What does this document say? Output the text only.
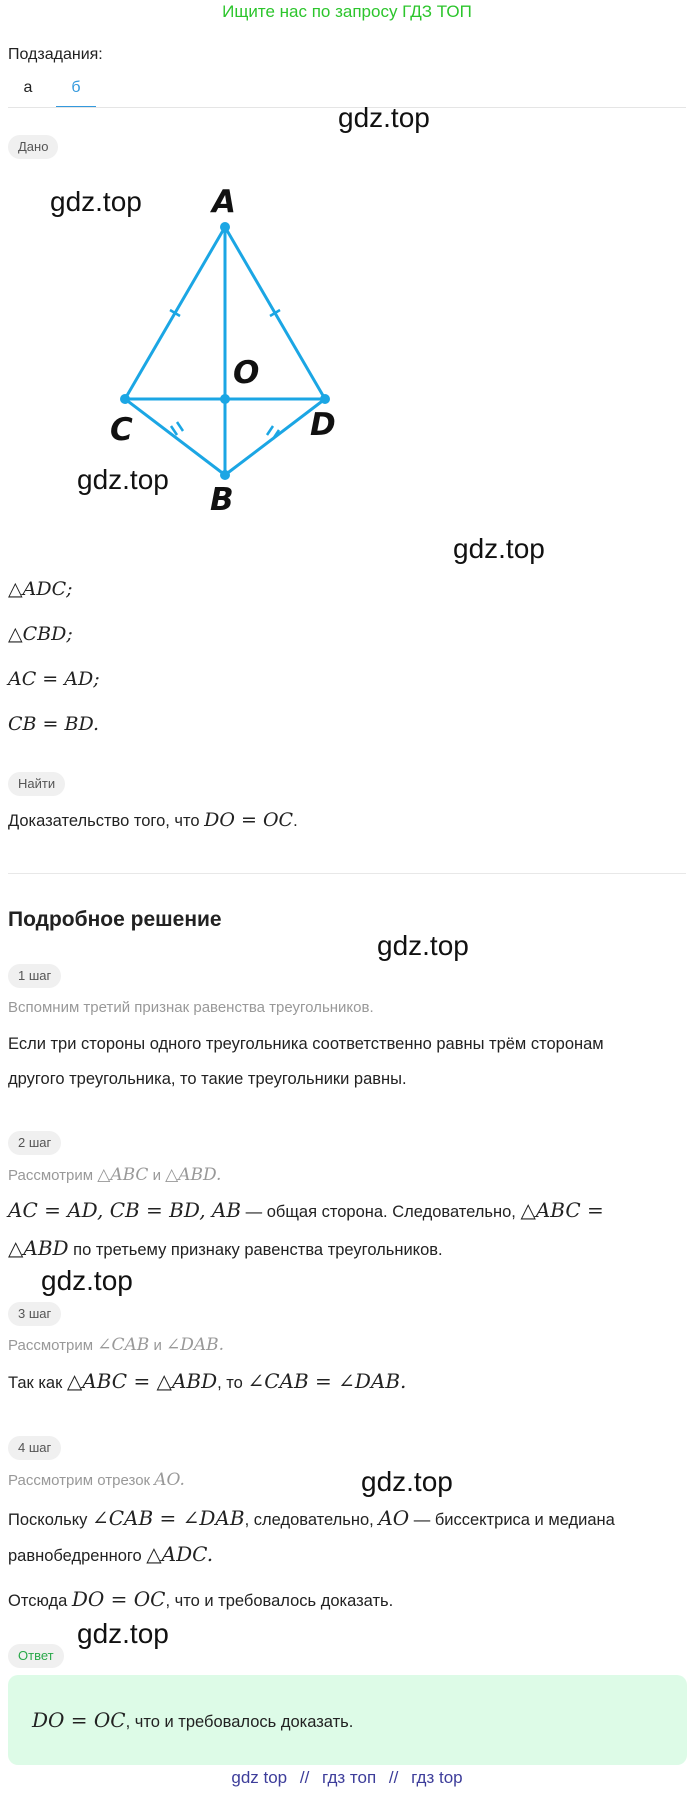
Ищите нас по запросу ГДЗ ТОП
Подзадания:
а	б
gdz.top
Дано
gdz.top A
O
C	D
B
gdz.top
gdz.top
△ADC;
△CBD;
AC = AD;
CB = BD.
Найти
Доказательство того, что DO = OC.
Подробное решение
gdz.top
1 шаг
Вспомним третий признак равенства треугольников.
Если три стороны одного треугольника соответственно равны трём сторонам
другого треугольника, то такие треугольники равны.
2 шаг
Рассмотрим △ABC и △ABD.
AC = AD, CB = BD, AB — общая сторона. Следовательно, △ABC =
△ABD по третьему признаку равенства треугольников.
gdz.top
3 шаг
Рассмотрим ∠CAB и ∠DAB.
Так как △ABC = △ABD, то ∠CAB = ∠DAB.
4 шаг
Рассмотрим отрезок AO.	gdz.top
Поскольку ∠CAB = ∠DAB, следовательно, AO — биссектриса и медиана
равнобедренного △ADC.
Отсюда DO = OC, что и требовалось доказать.
gdz.top
Ответ
DO = OC, что и требовалось доказать.
gdz top // гдз топ // гдз top
